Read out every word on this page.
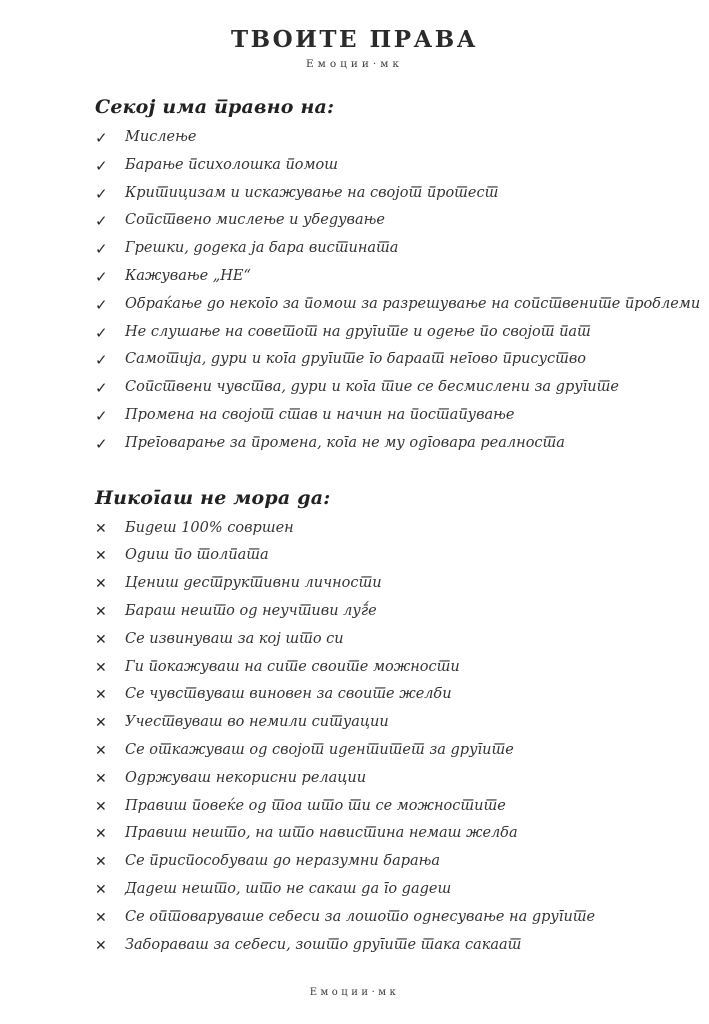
ТВОИТЕ ПРАВА
Емоции·мк
Секој има правно на:
✓	Мислење
✓	Барање психолошка помош
✓	Критицизам и искажување на својот протест
✓	Сопствено мислење и убедување
✓	Грешки, додека ја бара вистината
✓	Кажување „НЕ“
✓	Обраќање до некого за помош за разрешување на сопствените проблеми
✓	Не слушање на советот на другите и одење по својот пат
✓	Самотија, дури и кога другите го бараат негово присуство
✓	Сопствени чувства, дури и кога тие се бесмислени за другите
✓	Промена на својот став и начин на постапување
✓	Преговарање за промена, кога не му одговара реалноста
Никогаш не мора да:
✕	Бидеш 100% совршен
✕	Одиш по толпата
✕	Цениш деструктивни личности
✕	Бараш нешто од неучтиви луѓе
✕	Се извинуваш за кој што си
✕	Ги покажуваш на сите своите можности
✕	Се чувствуваш виновен за своите желби
✕	Учествуваш во немили ситуации
✕	Се откажуваш од својот идентитет за другите
✕	Одржуваш некорисни релации
✕	Правиш повеќе од тоа што ти се можностите
✕	Правиш нешто, на што навистина немаш желба
✕	Се приспособуваш до неразумни барања
✕	Дадеш нешто, што не сакаш да го дадеш
✕	Се оптоваруваше себеси за лошото однесување на другите
✕	Заборавaш за себеси, зошто другите така сакаат
Емоции·мк
